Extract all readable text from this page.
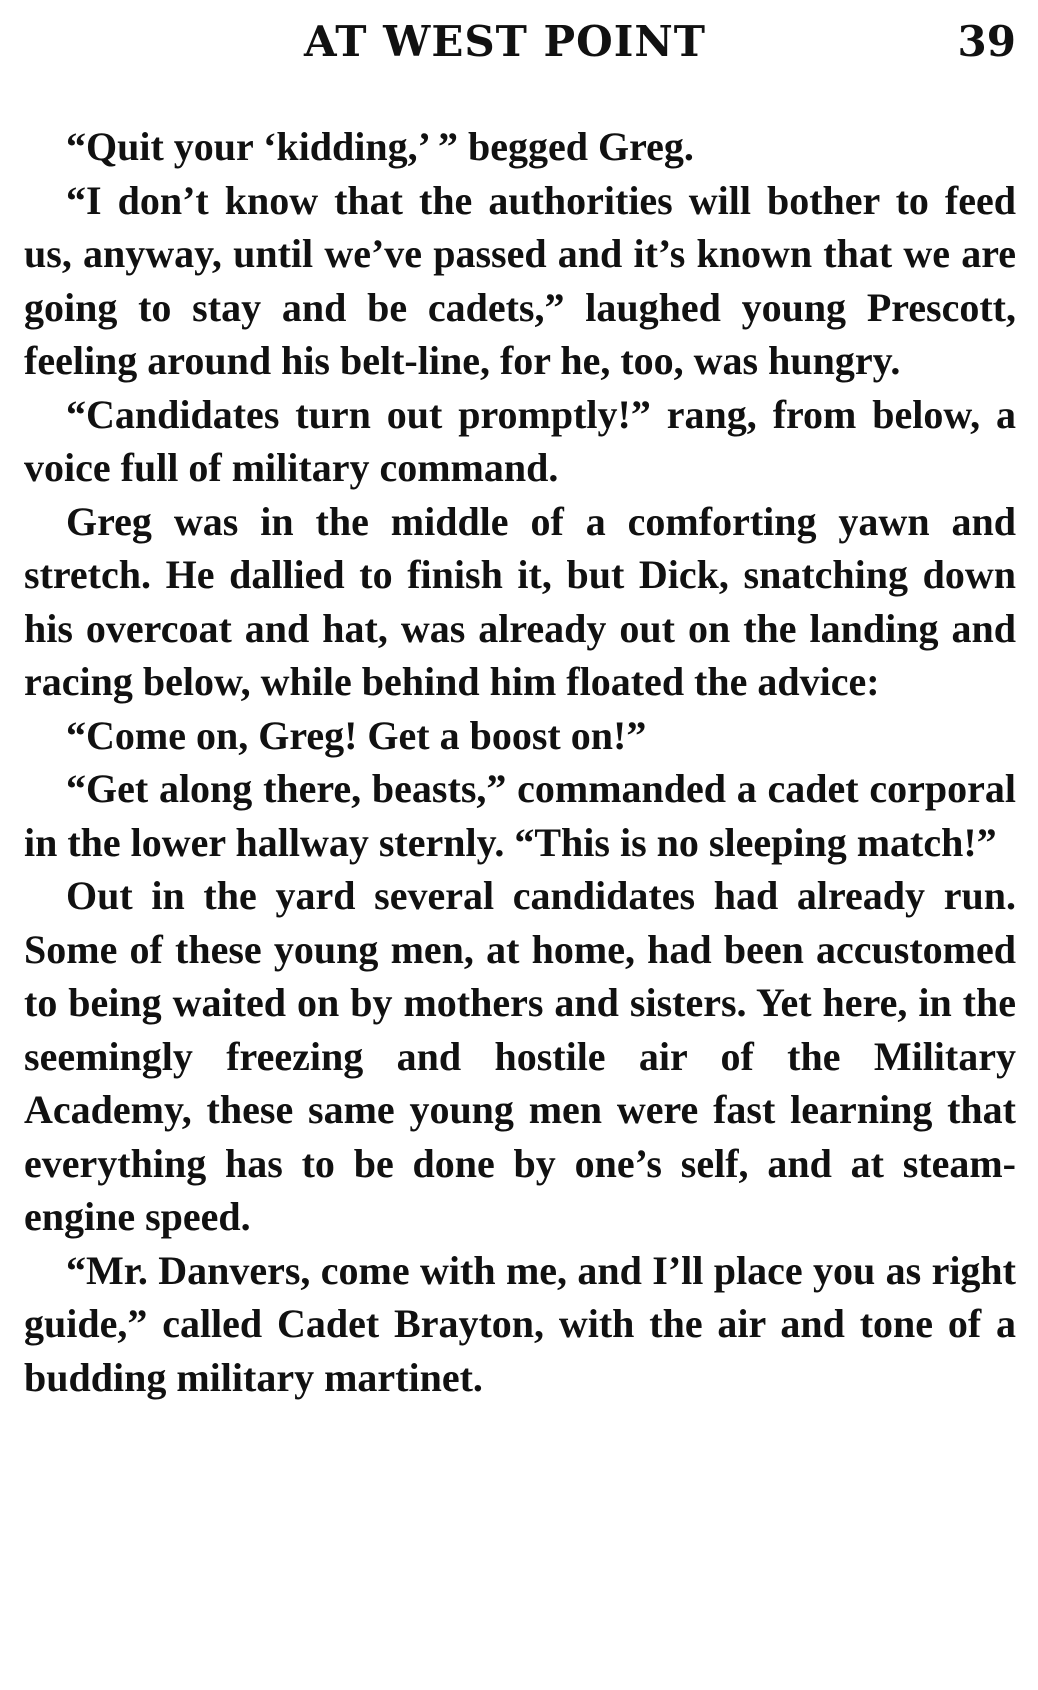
AT WEST POINT	39

“Quit your ‘kidding,’ ” begged Greg.

“I don’t know that the authorities will bother to feed us, anyway, until we’ve passed and it’s known that we are going to stay and be cadets,” laughed young Prescott, feeling around his belt-line, for he, too, was hungry.

“Candidates turn out promptly!” rang, from below, a voice full of military command.

Greg was in the middle of a comforting yawn and stretch. He dallied to finish it, but Dick, snatching down his overcoat and hat, was already out on the landing and racing below, while behind him floated the advice:

“Come on, Greg! Get a boost on!”

“Get along there, beasts,” commanded a cadet corporal in the lower hallway sternly. “This is no sleeping match!”

Out in the yard several candidates had already run. Some of these young men, at home, had been accustomed to being waited on by mothers and sisters. Yet here, in the seemingly freezing and hostile air of the Military Academy, these same young men were fast learning that everything has to be done by one’s self, and at steam-engine speed.

“Mr. Danvers, come with me, and I’ll place you as right guide,” called Cadet Brayton, with the air and tone of a budding military martinet.
